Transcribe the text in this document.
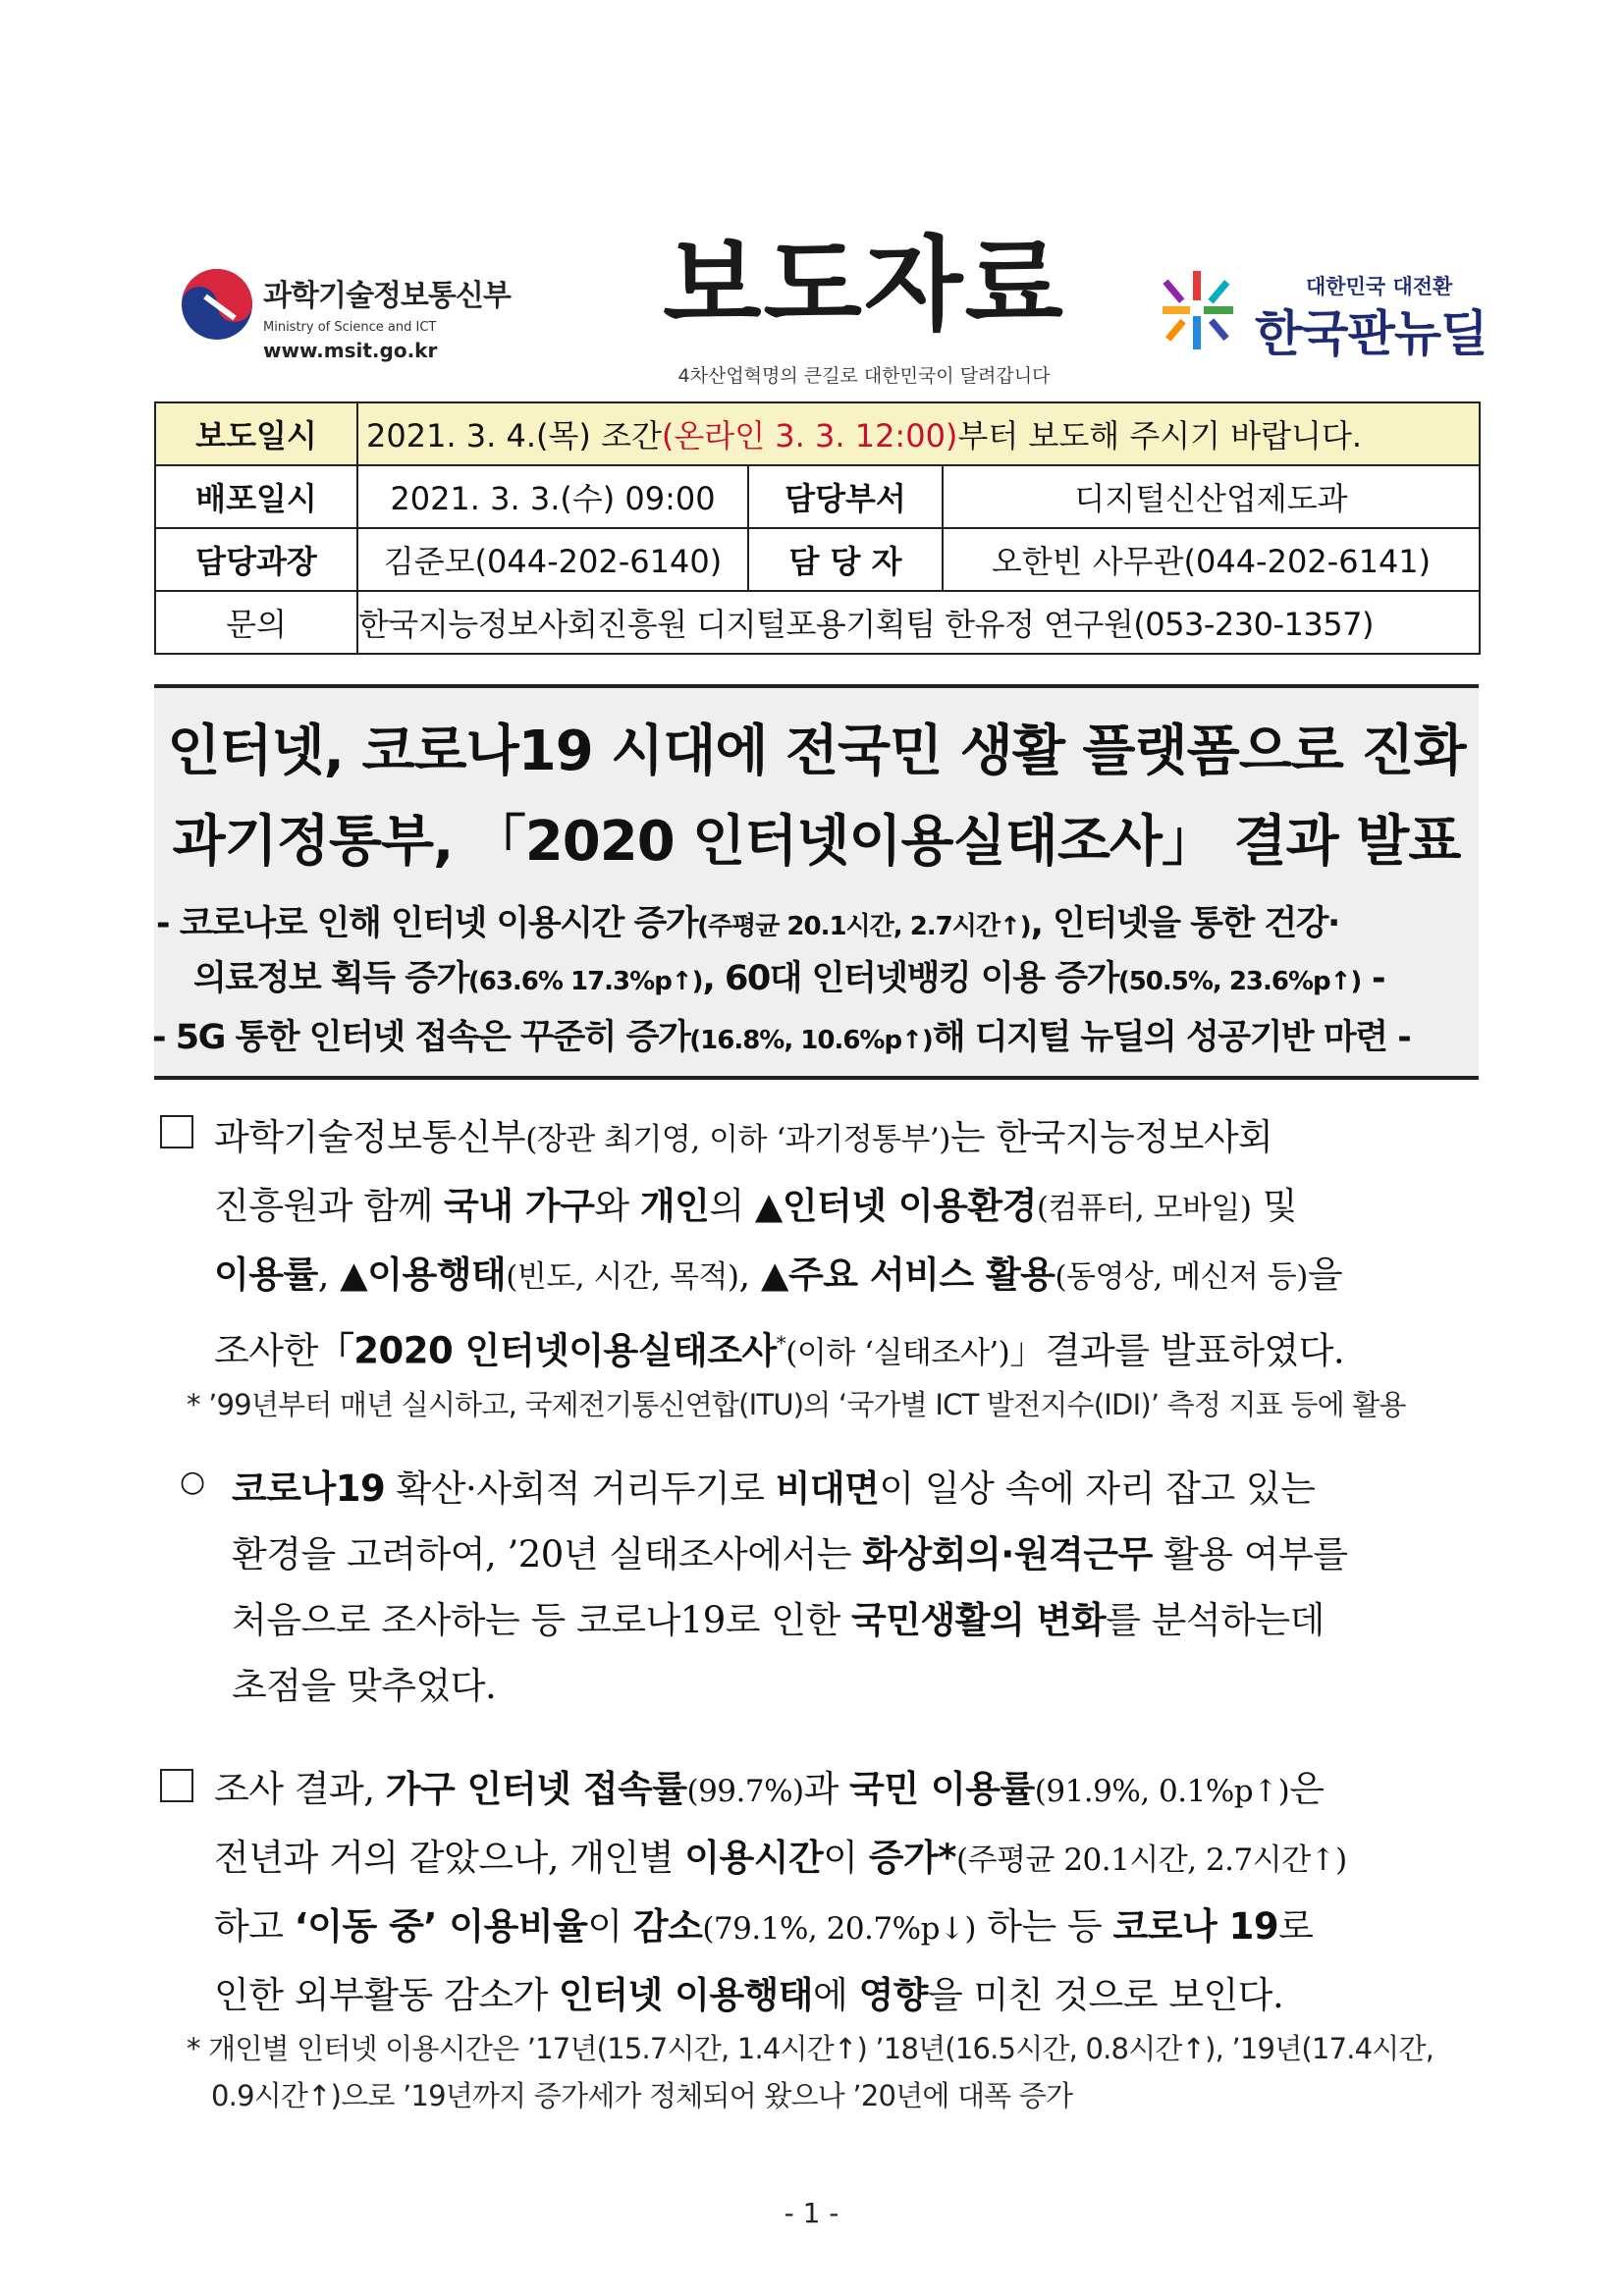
과학기술정보통신부
Ministry of Science and ICT
www.msit.go.kr
보도자료
4차산업혁명의 큰길로 대한민국이 달려갑니다
대한민국 대전환
한국판뉴딜
보도일시	2021. 3. 4.(목) 조간(온라인 3. 3. 12:00)부터 보도해 주시기 바랍니다.		
배포일시	2021. 3. 3.(수) 09:00	담당부서	디지털신산업제도과
담당과장	김준모(044-202-6140)	담 당 자	오한빈 사무관(044-202-6141)
문의	한국지능정보사회진흥원 디지털포용기획팀 한유정 연구원(053-230-1357)		
인터넷, 코로나19 시대에 전국민 생활 플랫폼으로 진화
과기정통부, 「2020 인터넷이용실태조사」 결과 발표
- 코로나로 인해 인터넷 이용시간 증가(주평균 20.1시간, 2.7시간↑), 인터넷을 통한 건강·
의료정보 획득 증가(63.6% 17.3%p↑), 60대 인터넷뱅킹 이용 증가(50.5%, 23.6%p↑) -
- 5G 통한 인터넷 접속은 꾸준히 증가(16.8%, 10.6%p↑)해 디지털 뉴딜의 성공기반 마련 -
과학기술정보통신부(장관 최기영, 이하 ‘과기정통부’)는 한국지능정보사회
진흥원과 함께 국내 가구와 개인의 ▲인터넷 이용환경(컴퓨터, 모바일) 및
이용률, ▲이용행태(빈도, 시간, 목적), ▲주요 서비스 활용(동영상, 메신저 등)을
조사한「2020 인터넷이용실태조사*(이하 ‘실태조사’)」결과를 발표하였다.
* ’99년부터 매년 실시하고, 국제전기통신연합(ITU)의 ‘국가별 ICT 발전지수(IDI)’ 측정 지표 등에 활용
○ 코로나19 확산·사회적 거리두기로 비대면이 일상 속에 자리 잡고 있는
환경을 고려하여, ’20년 실태조사에서는 화상회의·원격근무 활용 여부를
처음으로 조사하는 등 코로나19로 인한 국민생활의 변화를 분석하는데
초점을 맞추었다.
조사 결과, 가구 인터넷 접속률(99.7%)과 국민 이용률(91.9%, 0.1%p↑)은
전년과 거의 같았으나, 개인별 이용시간이 증가*(주평균 20.1시간, 2.7시간↑)
하고 ‘이동 중’ 이용비율이 감소(79.1%, 20.7%p↓) 하는 등 코로나 19로
인한 외부활동 감소가 인터넷 이용행태에 영향을 미친 것으로 보인다.
* 개인별 인터넷 이용시간은 ’17년(15.7시간, 1.4시간↑) ’18년(16.5시간, 0.8시간↑), ’19년(17.4시간,
0.9시간↑)으로 ’19년까지 증가세가 정체되어 왔으나 ’20년에 대폭 증가
- 1 -
